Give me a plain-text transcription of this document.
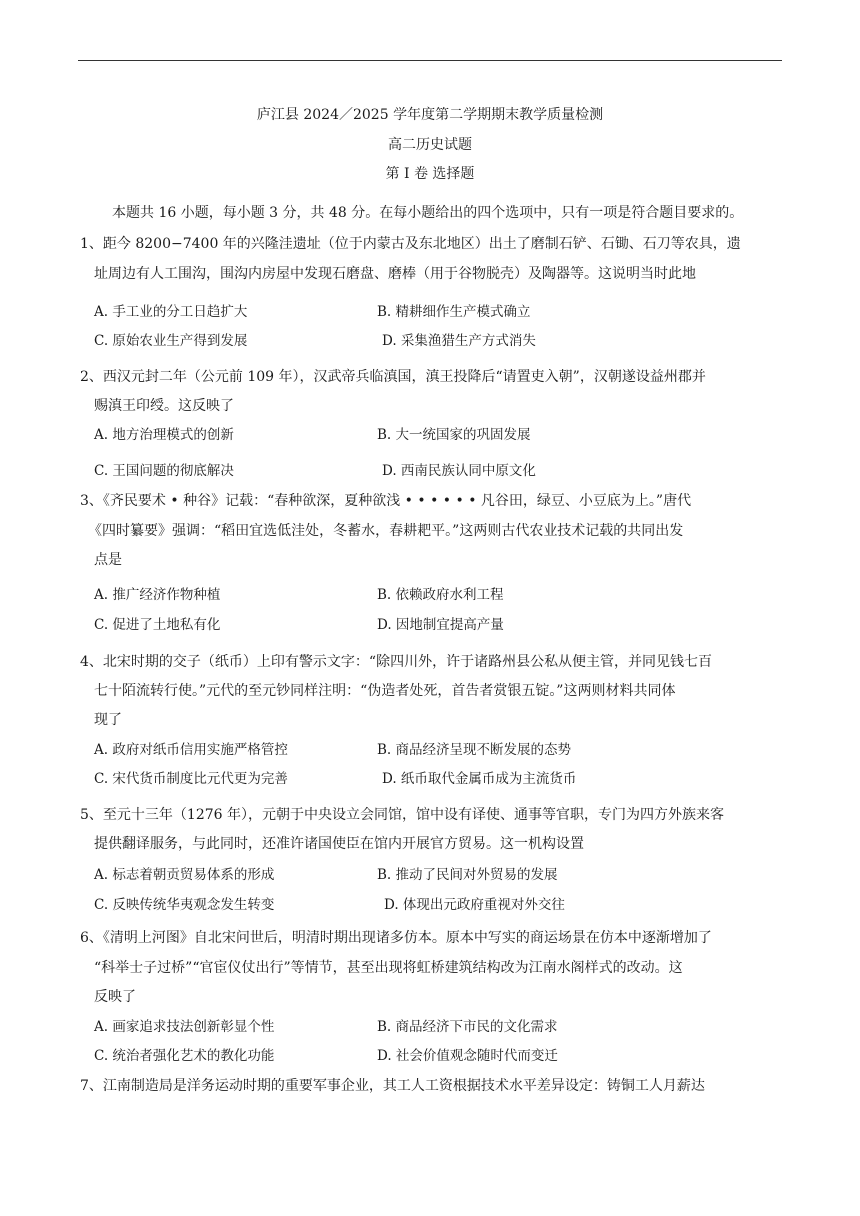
庐江县 2024／2025 学年度第二学期期末教学质量检测
高二历史试题
第 I 卷 选择题
本题共 16 小题，每小题 3 分，共 48 分。在每小题给出的四个选项中，只有一项是符合题目要求的。
1、距今 8200−7400 年的兴隆洼遗址（位于内蒙古及东北地区）出土了磨制石铲、石锄、石刀等农具，遗
址周边有人工围沟，围沟内房屋中发现石磨盘、磨棒（用于谷物脱壳）及陶器等。这说明当时此地
A. 手工业的分工日趋扩大	B. 精耕细作生产模式确立
C. 原始农业生产得到发展	D. 采集渔猎生产方式消失
2、西汉元封二年（公元前 109 年），汉武帝兵临滇国，滇王投降后“请置吏入朝”，汉朝遂设益州郡并
赐滇王印绶。这反映了
A. 地方治理模式的创新	B. 大一统国家的巩固发展
C. 王国问题的彻底解决	D. 西南民族认同中原文化
3、《齐民要术 • 种谷》记载：“春种欲深，夏种欲浅 • • • • • • 凡谷田，绿豆、小豆底为上。”唐代
《四时纂要》强调：“稻田宜选低洼处，冬蓄水，春耕耙平。”这两则古代农业技术记载的共同出发
点是
A. 推广经济作物种植	B. 依赖政府水利工程
C. 促进了土地私有化	D. 因地制宜提高产量
4、北宋时期的交子（纸币）上印有警示文字：“除四川外，许于诸路州县公私从便主管，并同见钱七百
七十陌流转行使。”元代的至元钞同样注明：“伪造者处死，首告者赏银五锭。”这两则材料共同体
现了
A. 政府对纸币信用实施严格管控	B. 商品经济呈现不断发展的态势
C. 宋代货币制度比元代更为完善	D. 纸币取代金属币成为主流货币
5、至元十三年（1276 年），元朝于中央设立会同馆，馆中设有译使、通事等官职，专门为四方外族来客
提供翻译服务，与此同时，还准许诸国使臣在馆内开展官方贸易。这一机构设置
A. 标志着朝贡贸易体系的形成	B. 推动了民间对外贸易的发展
C. 反映传统华夷观念发生转变	D. 体现出元政府重视对外交往
6、《清明上河图》自北宋问世后，明清时期出现诸多仿本。原本中写实的商运场景在仿本中逐渐增加了
“科举士子过桥”“官宦仪仗出行”等情节，甚至出现将虹桥建筑结构改为江南水阁样式的改动。这
反映了
A. 画家追求技法创新彰显个性	B. 商品经济下市民的文化需求
C. 统治者强化艺术的教化功能	D. 社会价值观念随时代而变迁
7、江南制造局是洋务运动时期的重要军事企业，其工人工资根据技术水平差异设定：铸铜工人月薪达
